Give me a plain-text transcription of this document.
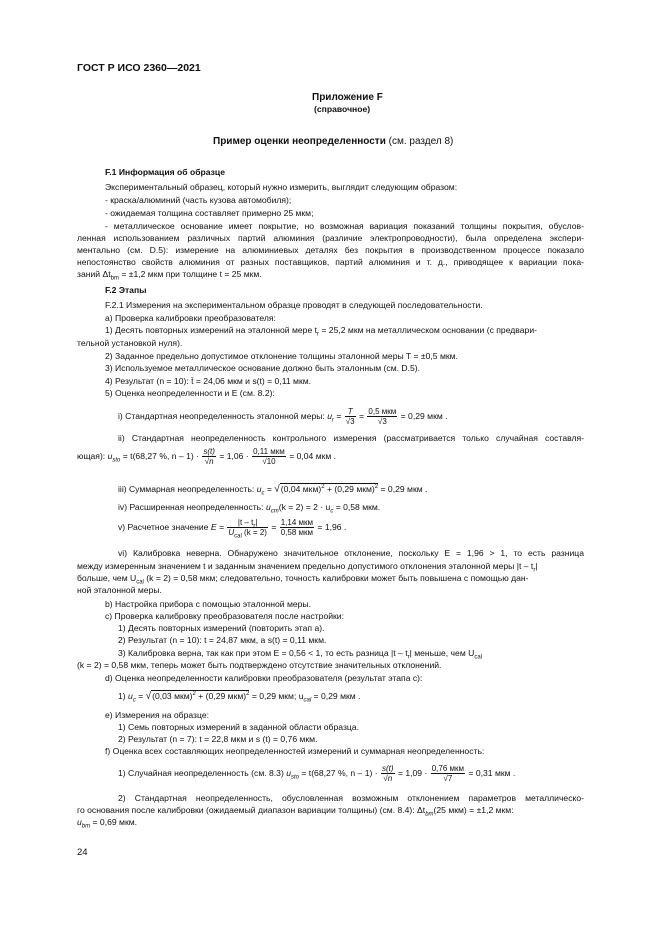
ГОСТ Р ИСО 2360—2021
Приложение F
(справочное)
Пример оценки неопределенности (см. раздел 8)
F.1 Информация об образце
Экспериментальный образец, который нужно измерить, выглядит следующим образом:
- краска/алюминий (часть кузова автомобиля);
- ожидаемая толщина составляет примерно 25 мкм;
- металлическое основание имеет покрытие, но возможная вариация показаний толщины покрытия, обуслов-
ленная использованием различных партий алюминия (различие электропроводности), была определена экспери-
ментально (см. D.5): измерение на алюминиевых деталях без покрытия в производственном процессе показало
непостоянство свойств алюминия от разных поставщиков, партий алюминия и т. д., приводящее к вариации пока-
заний $\Delta t_{bm} = \pm 1,2$ мкм при толщине t = 25 мкм.
F.2 Этапы
F.2.1 Измерения на экспериментальном образце проводят в следующей последовательности.
a) Проверка калибровки преобразователя:
1) Десять повторных измерений на эталонной мере $t_r = 25,2$ мкм на металлическом основании (с предвари-
тельной установкой нуля).
2) Заданное предельно допустимое отклонение толщины эталонной меры T = ±0,5 мкм.
3) Используемое металлическое основание должно быть эталонным (см. D.5).
4) Результат (n = 10): t̄ = 24,06 мкм и s(t) = 0,11 мкм.
5) Оценка неопределенности и E (см. 8.2):
i) Стандартная неопределенность эталонной меры: $u_r = \frac{T}{√3} = \frac{\text{0,5 мкм}}{√3} = 0,29$ мкм .
ii) Стандартная неопределенность контрольного измерения (рассматривается только случайная составля-
ющая): $u_{sto} = t(68,27$ %, $n - 1) \cdot \frac{s(t)}{√n} = 1,06 \cdot \frac{\text{0,11 мкм}}{√10} = 0,04$ мкм .
iii) Суммарная неопределенность: $u_c = √(0,04$ мкм)$^2$ + (0,29 мкм)$^2$ = 0,29 мкм .
iv) Расширенная неопределенность: $u_{cm}(k = 2) = 2 \cdot u_c = 0,58$ мкм.
v) Расчетное значение $E = \frac{|t - t_r|}{U_{cal} (k = 2)} = \frac{\text{1,14 мкм}}{\text{0,58 мкм}} = 1,96$ .
vi) Калибровка неверна. Обнаружено значительное отклонение, поскольку E = 1,96 > 1, то есть разница
между измеренным значением t и заданным значением предельно допустимого отклонения эталонной меры $|t - t_r|$
больше, чем $U_{cal}$ (k = 2) = 0,58 мкм; следовательно, точность калибровки может быть повышена с помощью дан-
ной эталонной меры.
b) Настройка прибора с помощью эталонной меры.
c) Проверка калибровку преобразователя после настройки:
1) Десять повторных измерений (повторить этап a).
2) Результат (n = 10): t = 24,87 мкм, a s(t) = 0,11 мкм.
3) Калибровка верна, так как при этом E = 0,56 < 1, то есть разница $|t - t_r|$ меньше, чем $U_{cal}$
(k = 2) = 0,58 мкм, теперь может быть подтверждено отсутствие значительных отклонений.
d) Оценка неопределенности калибровки преобразователя (результат этапа c):
1) $u_c = √(0,03$ мкм)$^2$ + (0,29 мкм)$^2$ = 0,29 мкм; $u_{cal} = 0,29$ мкм .
e) Измерения на образце:
1) Семь повторных измерений в заданной области образца.
2) Результат (n = 7): t = 22,8 мкм и s (t) = 0,76 мкм.
f) Оценка всех составляющих неопределенностей измерений и суммарная неопределенность:
1) Случайная неопределенность (см. 8.3) $u_{sto} = t(68,27$ %, $n - 1) \cdot \frac{s(t)}{√n} = 1,09 \cdot \frac{\text{0,76 мкм}}{√7} = 0,31$ мкм .
2) Стандартная неопределенность, обусловленная возможным отклонением параметров металлическо-
го основания после калибровки (ожидаемый диапазон вариации толщины) (см. 8.4): $\Delta t_{bm}(25$ мкм) = ±1,2 мкм:
$u_{bm} = 0,69$ мкм.
24
